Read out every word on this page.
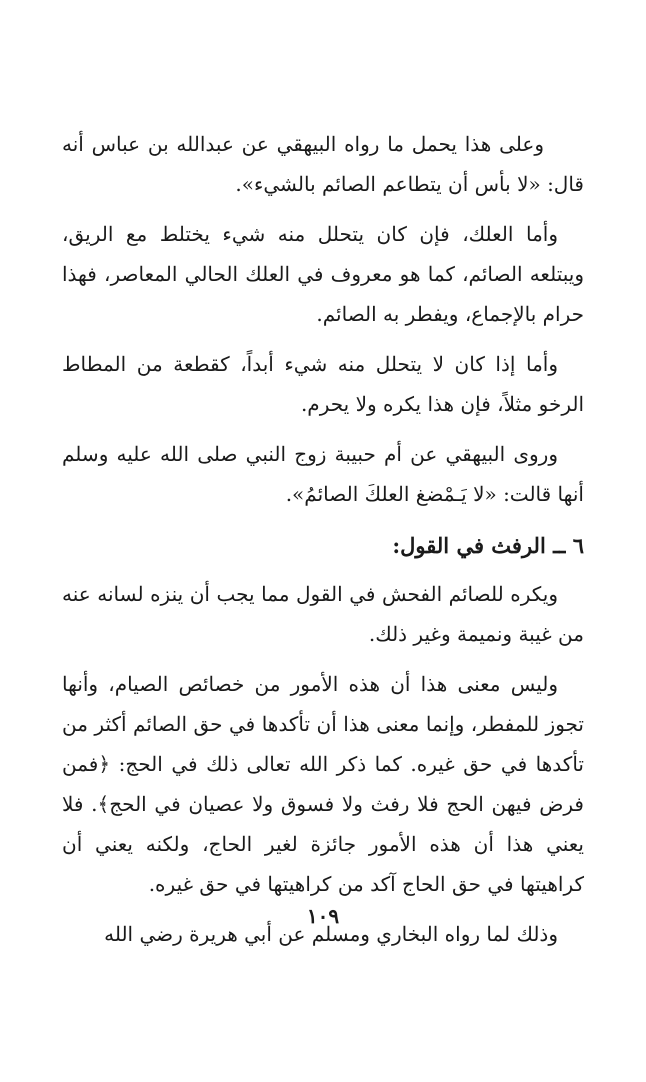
وعلى هذا يحمل ما رواه البيهقي عن عبدالله بن عباس أنه قال: «لا بأس أن يتطاعم الصائم بالشيء».

وأما العلك، فإن كان يتحلل منه شيء يختلط مع الريق، ويبتلعه الصائم، كما هو معروف في العلك الحالي المعاصر، فهذا حرام بالإجماع، ويفطر به الصائم.

وأما إذا كان لا يتحلل منه شيء أبداً، كقطعة من المطاط الرخو مثلاً، فإن هذا يكره ولا يحرم.

وروى البيهقي عن أم حبيبة زوج النبي صلى الله عليه وسلم أنها قالت: «لا يَـمْضغ العلكَ الصائمُ».

٦ ــ الرفث في القول:

ويكره للصائم الفحش في القول مما يجب أن ينزه لسانه عنه من غيبة ونميمة وغير ذلك.

وليس معنى هذا أن هذه الأمور من خصائص الصيام، وأنها تجوز للمفطر، وإنما معنى هذا أن تأكدها في حق الصائم أكثر من تأكدها في حق غيره. كما ذكر الله تعالى ذلك في الحج: ﴿فمن فرض فيهن الحج فلا رفث ولا فسوق ولا عصيان في الحج﴾. فلا يعني هذا أن هذه الأمور جائزة لغير الحاج، ولكنه يعني أن كراهيتها في حق الحاج آكد من كراهيتها في حق غيره.

وذلك لما رواه البخاري ومسلم عن أبي هريرة رضي الله

١٠٩
